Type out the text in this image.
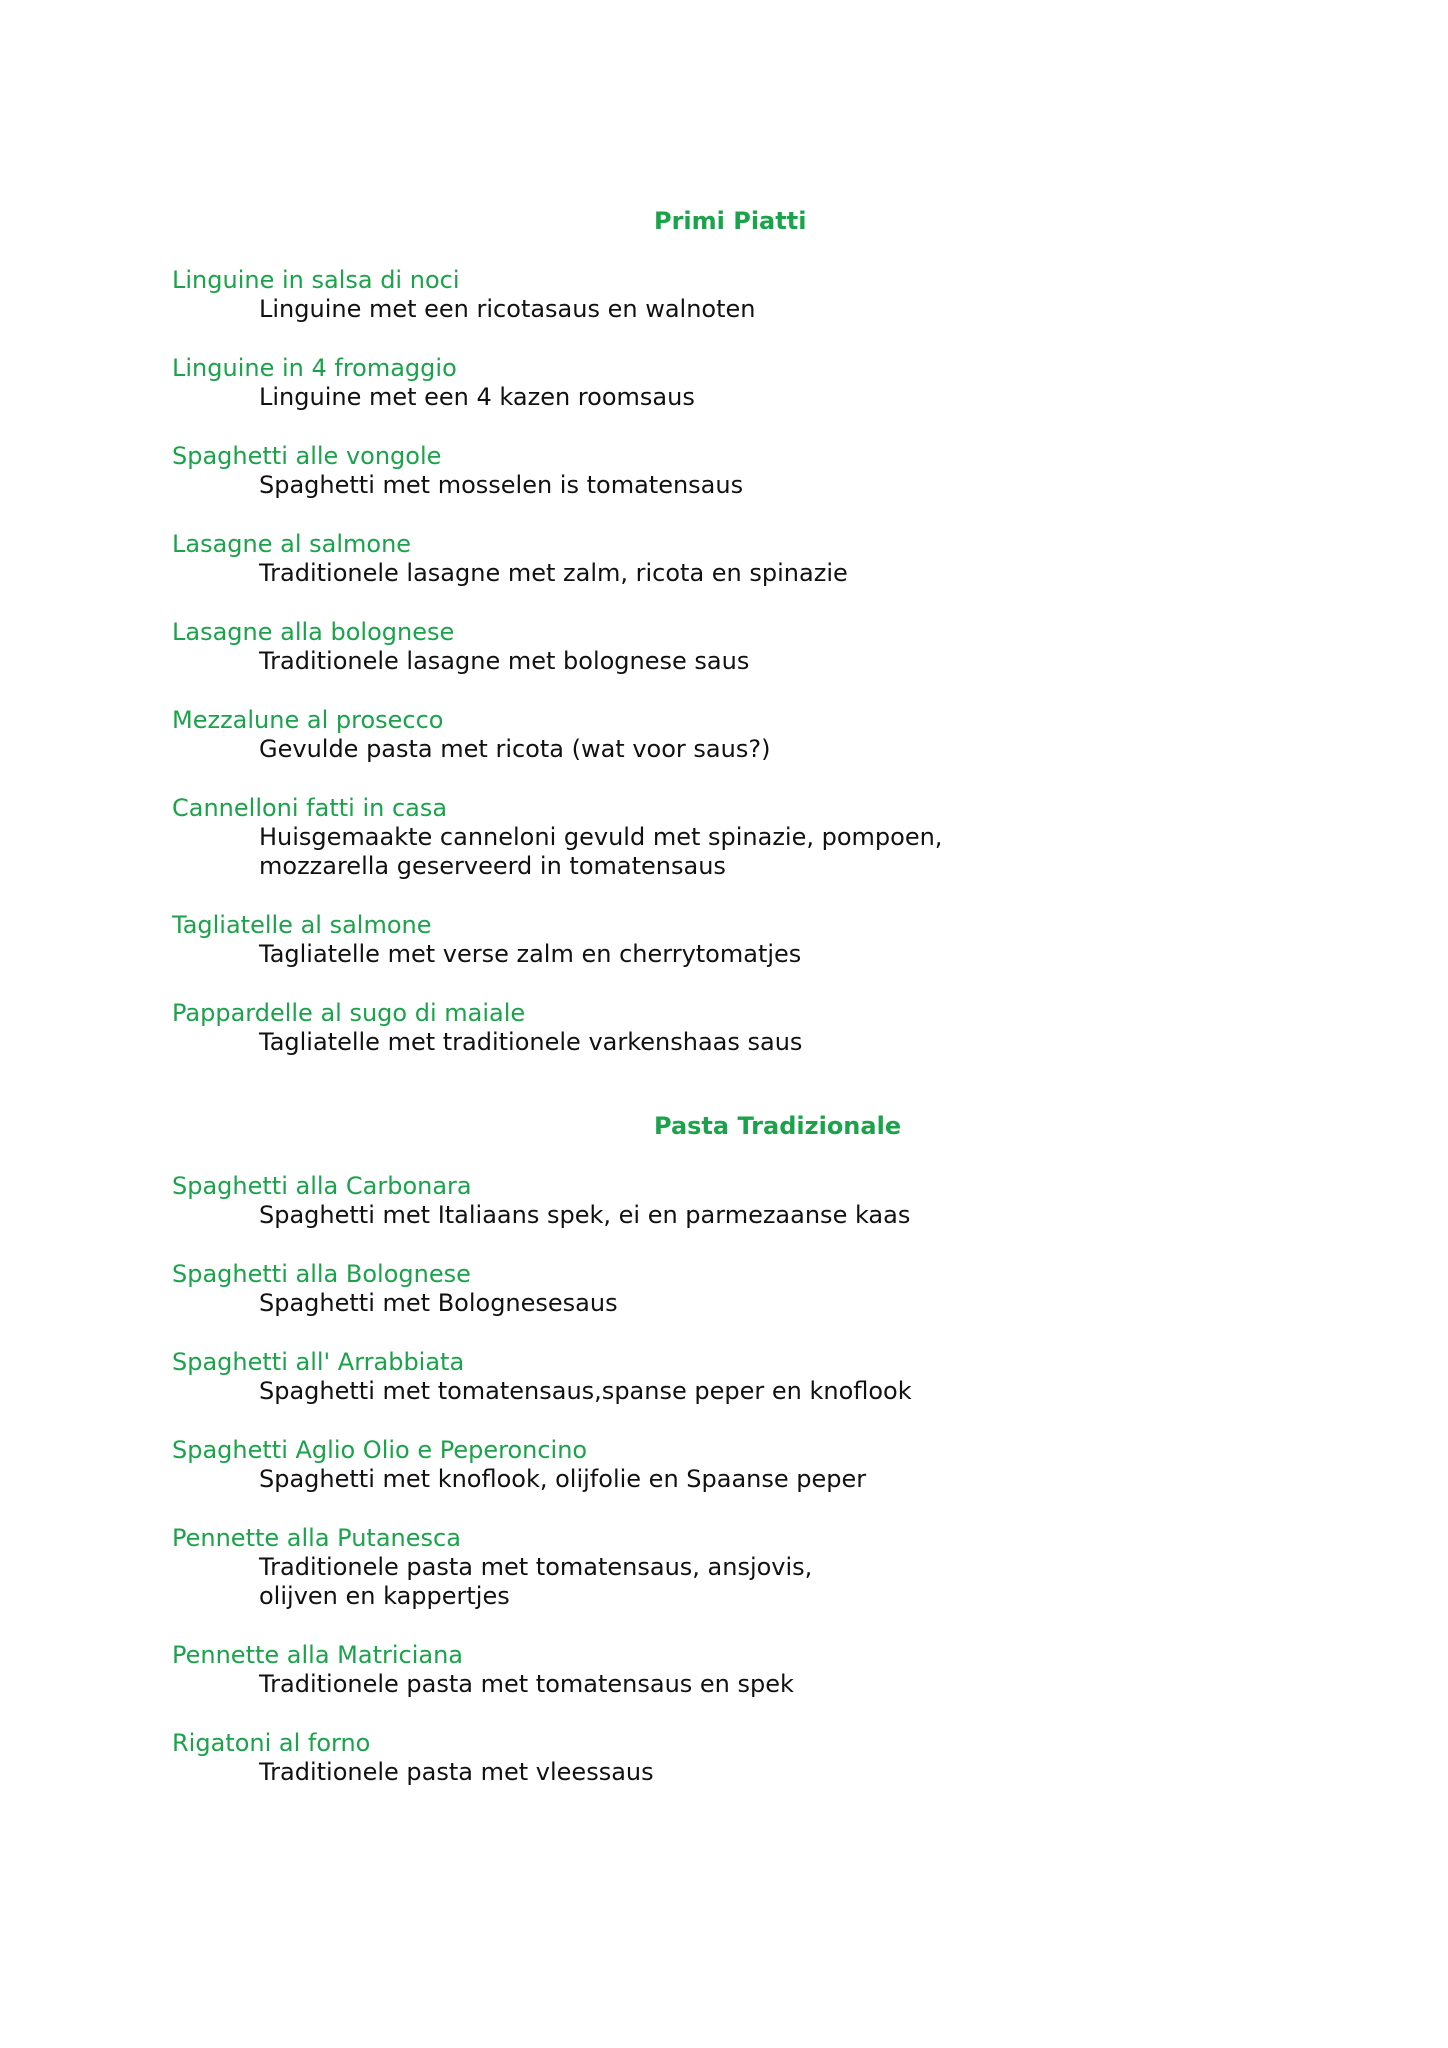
Primi Piatti
Linguine in salsa di noci
Linguine met een ricotasaus en walnoten
Linguine in 4 fromaggio
Linguine met een 4 kazen roomsaus
Spaghetti alle vongole
Spaghetti met mosselen is tomatensaus
Lasagne al salmone
Traditionele lasagne met zalm, ricota en spinazie
Lasagne alla bolognese
Traditionele lasagne met bolognese saus
Mezzalune al prosecco
Gevulde pasta met ricota (wat voor saus?)
Cannelloni fatti in casa
Huisgemaakte canneloni gevuld met spinazie, pompoen,
mozzarella geserveerd in tomatensaus
Tagliatelle al salmone
Tagliatelle met verse zalm en cherrytomatjes
Pappardelle al sugo di maiale
Tagliatelle met traditionele varkenshaas saus
Pasta Tradizionale
Spaghetti alla Carbonara
Spaghetti met Italiaans spek, ei en parmezaanse kaas
Spaghetti alla Bolognese
Spaghetti met Bolognesesaus
Spaghetti all' Arrabbiata
Spaghetti met tomatensaus,spanse peper en knoflook
Spaghetti Aglio Olio e Peperoncino
Spaghetti met knoflook, olijfolie en Spaanse peper
Pennette alla Putanesca
Traditionele pasta met tomatensaus, ansjovis,
olijven en kappertjes
Pennette alla Matriciana
Traditionele pasta met tomatensaus en spek
Rigatoni al forno
Traditionele pasta met vleessaus
